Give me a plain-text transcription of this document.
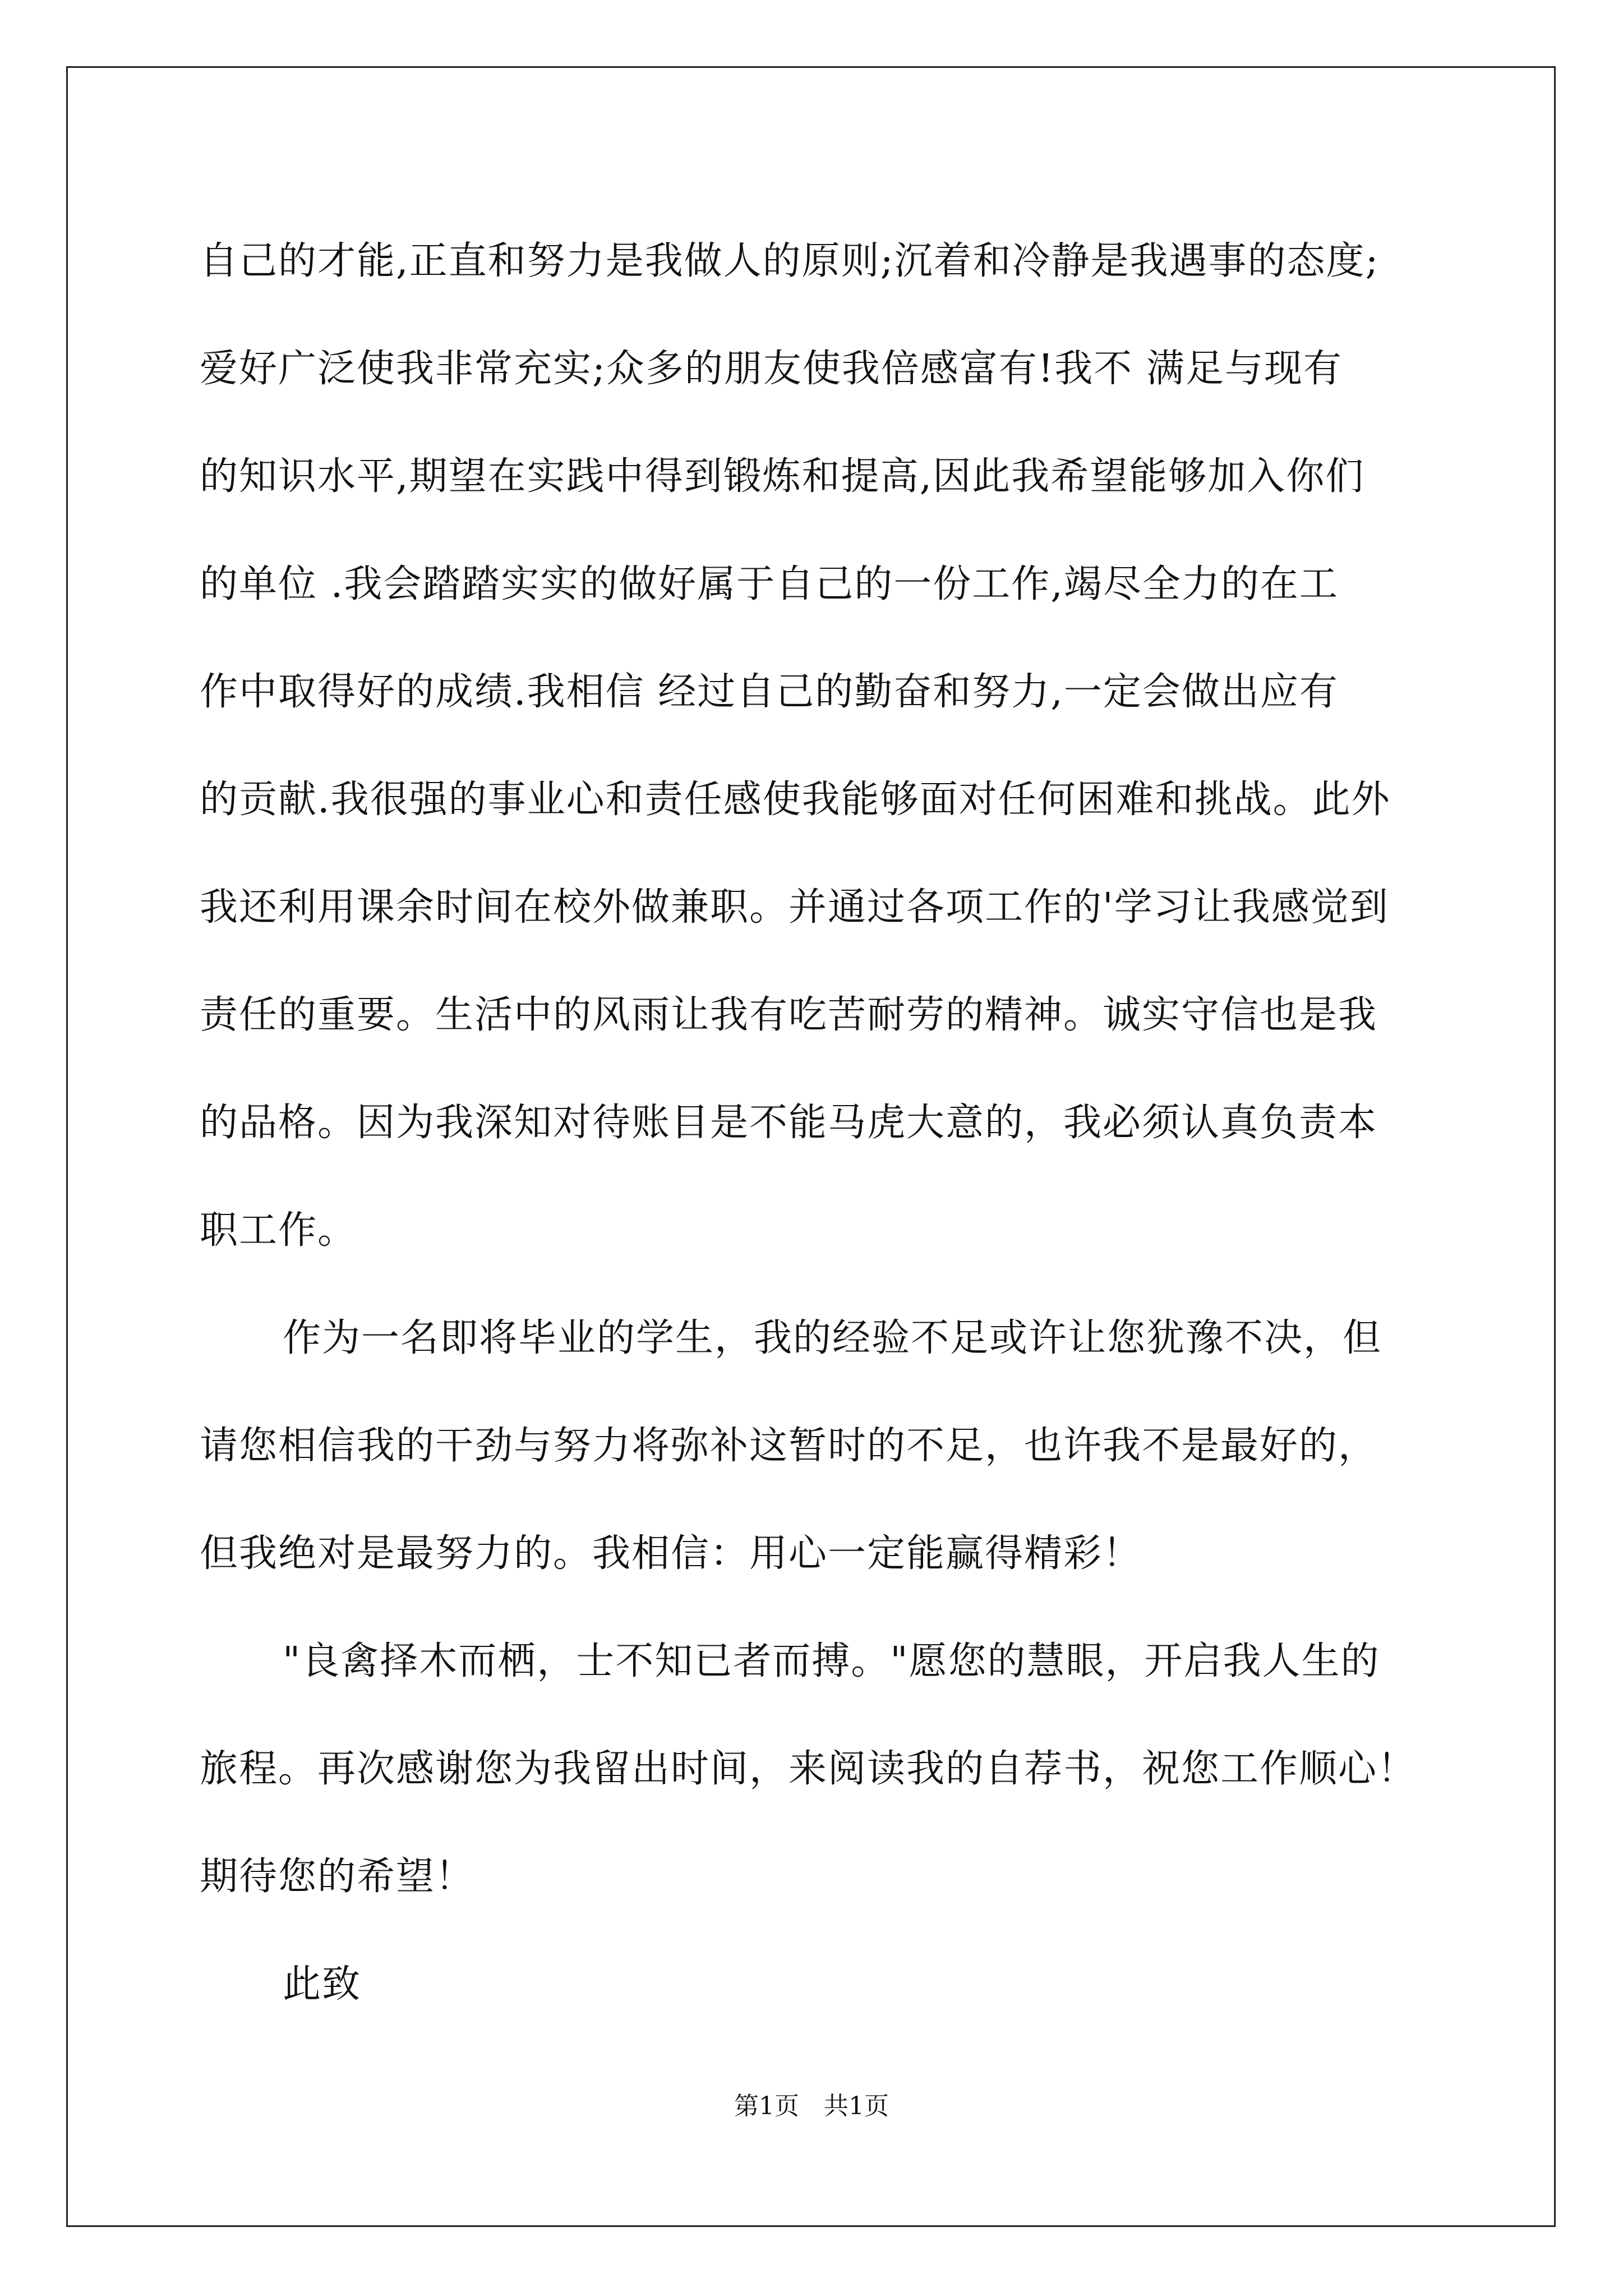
自己的才能,正直和努力是我做人的原则;沉着和冷静是我遇事的态度;
爱好广泛使我非常充实;众多的朋友使我倍感富有!我不 满足与现有
的知识水平,期望在实践中得到锻炼和提高,因此我希望能够加入你们
的单位 .我会踏踏实实的做好属于自己的一份工作,竭尽全力的在工
作中取得好的成绩.我相信 经过自己的勤奋和努力,一定会做出应有
的贡献.我很强的事业心和责任感使我能够面对任何困难和挑战。此外
我还利用课余时间在校外做兼职。并通过各项工作的'学习让我感觉到
责任的重要。生活中的风雨让我有吃苦耐劳的精神。诚实守信也是我
的品格。因为我深知对待账目是不能马虎大意的，我必须认真负责本
职工作。
作为一名即将毕业的学生，我的经验不足或许让您犹豫不决，但
请您相信我的干劲与努力将弥补这暂时的不足，也许我不是最好的，
但我绝对是最努力的。我相信：用心一定能赢得精彩！
"良禽择木而栖，士不知已者而搏。"愿您的慧眼，开启我人生的
旅程。再次感谢您为我留出时间，来阅读我的自荐书，祝您工作顺心！
期待您的希望！
此致
第1页　共1页
